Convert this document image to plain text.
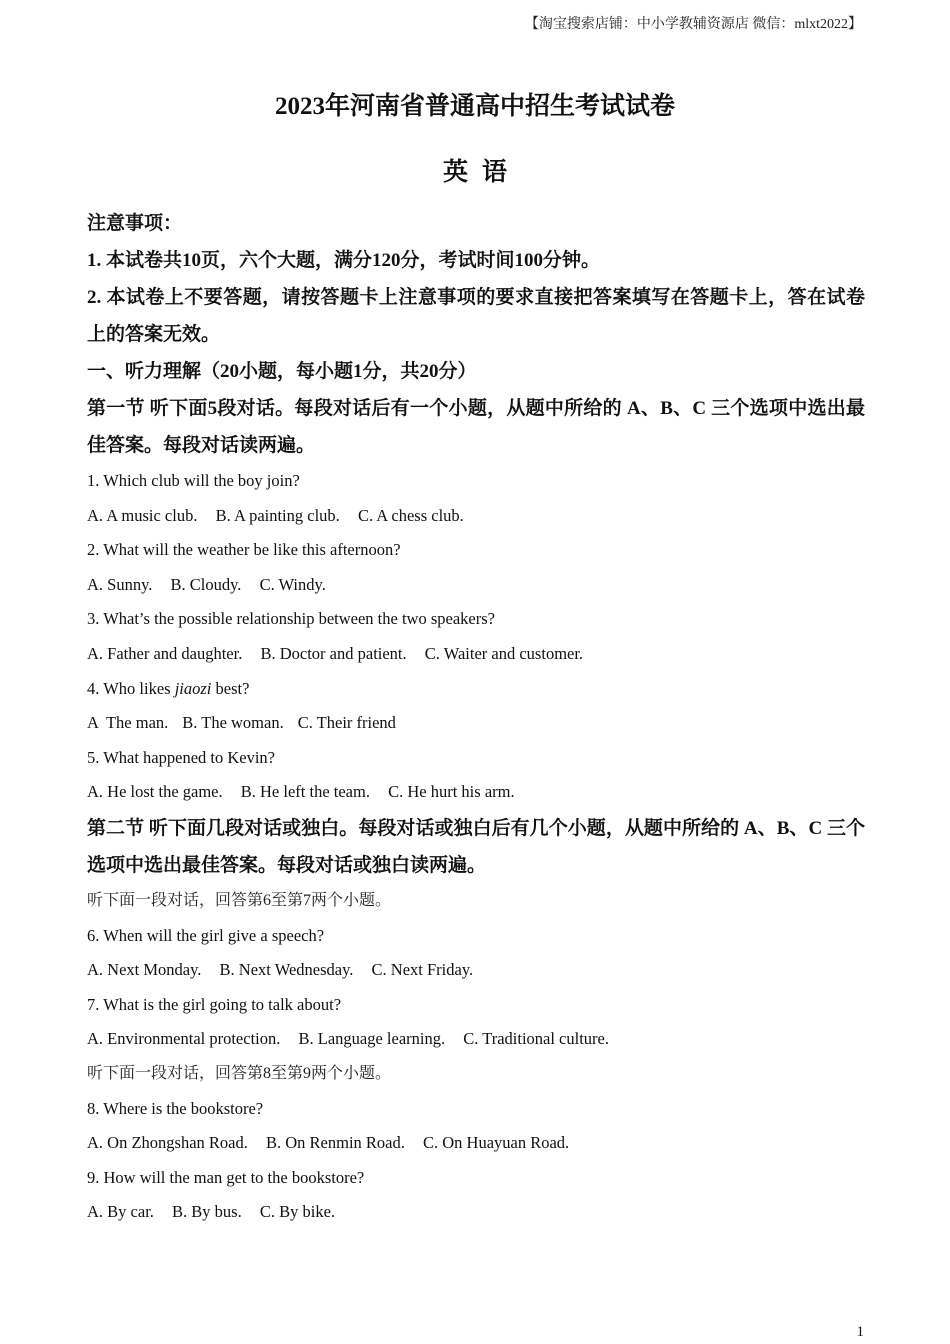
【淘宝搜索店铺：中小学教辅资源店 微信：mlxt2022】
2023年河南省普通高中招生考试试卷
英语

注意事项：

1. 本试卷共10页，六个大题，满分120分，考试时间100分钟。

2. 本试卷上不要答题，请按答题卡上注意事项的要求直接把答案填写在答题卡上，答在试卷上的答案无效。

一、听力理解（20小题，每小题1分，共20分）

第一节 听下面5段对话。每段对话后有一个小题，从题中所给的 A、B、C 三个选项中选出最佳答案。每段对话读两遍。

1. Which club will the boy join?

A. A music club. B. A painting club. C. A chess club.

2. What will the weather be like this afternoon?

A. Sunny. B. Cloudy. C. Windy.

3. What’s the possible relationship between the two speakers?

A. Father and daughter. B. Doctor and patient. C. Waiter and customer.

4. Who likes jiaozi best?

A  The man. B. The woman. C. Their friend

5. What happened to Kevin?

A. He lost the game. B. He left the team. C. He hurt his arm.

第二节 听下面几段对话或独白。每段对话或独白后有几个小题，从题中所给的 A、B、C 三个选项中选出最佳答案。每段对话或独白读两遍。

听下面一段对话，回答第6至第7两个小题。

6. When will the girl give a speech?

A. Next Monday. B. Next Wednesday. C. Next Friday.

7. What is the girl going to talk about?

A. Environmental protection. B. Language learning. C. Traditional culture.

听下面一段对话，回答第8至第9两个小题。

8. Where is the bookstore?

A. On Zhongshan Road. B. On Renmin Road. C. On Huayuan Road.

9. How will the man get to the bookstore?

A. By car. B. By bus. C. By bike.

1
